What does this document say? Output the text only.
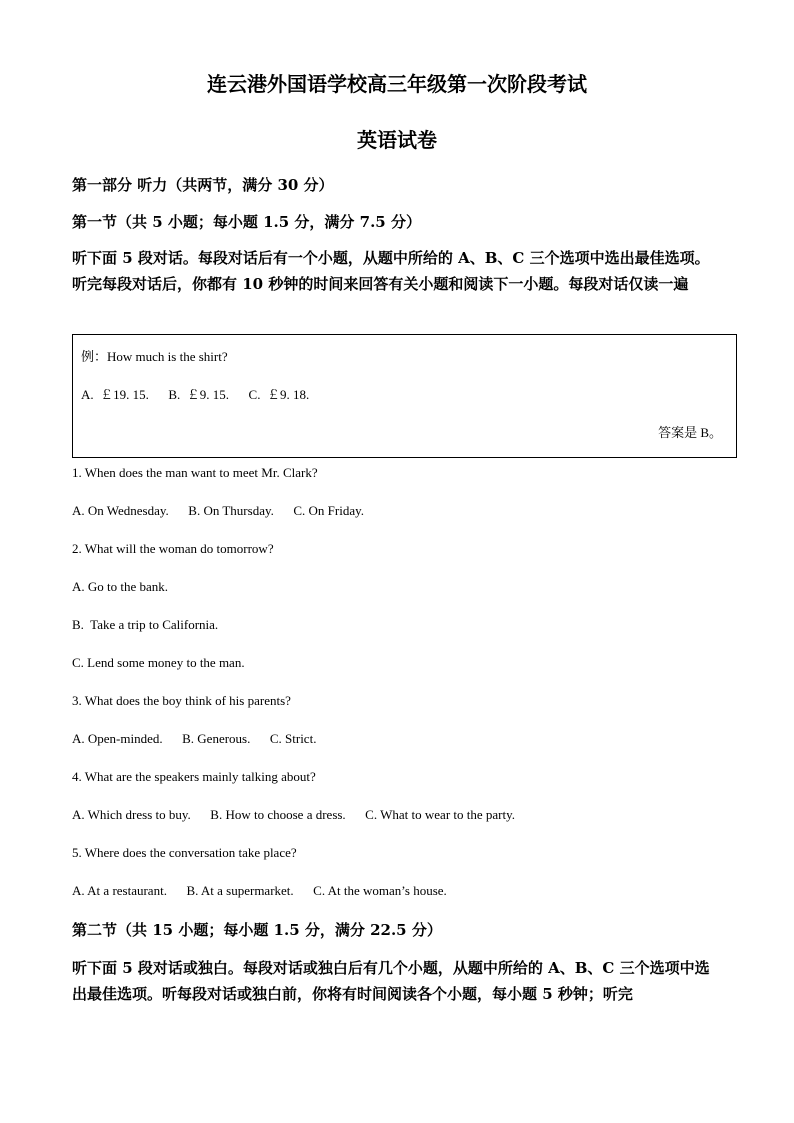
连云港外国语学校高三年级第一次阶段考试
英语试卷
第一部分 听力（共两节，满分 30 分）
第一节（共 5 小题；每小题 1.5 分，满分 7.5 分）
听下面 5 段对话。每段对话后有一个小题，从题中所给的 A、B、C 三个选项中选出最佳选项。听完每段对话后，你都有 10 秒钟的时间来回答有关小题和阅读下一小题。每段对话仅读一遍
例：How much is the shirt?
A.  ￡19. 15.      B.  ￡9. 15.      C.  ￡9. 18.
答案是 B。
1. When does the man want to meet Mr. Clark?
A. On Wednesday.      B. On Thursday.      C. On Friday.
2. What will the woman do tomorrow?
A. Go to the bank.
B.  Take a trip to California.
C. Lend some money to the man.
3. What does the boy think of his parents?
A. Open-minded.      B. Generous.      C. Strict.
4. What are the speakers mainly talking about?
A. Which dress to buy.      B. How to choose a dress.      C. What to wear to the party.
5. Where does the conversation take place?
A. At a restaurant.      B. At a supermarket.      C. At the woman’s house.
第二节（共 15 小题；每小题 1.5 分，满分 22.5 分）
听下面 5 段对话或独白。每段对话或独白后有几个小题，从题中所给的 A、B、C 三个选项中选出最佳选项。听每段对话或独白前，你将有时间阅读各个小题，每小题 5 秒钟；听完
